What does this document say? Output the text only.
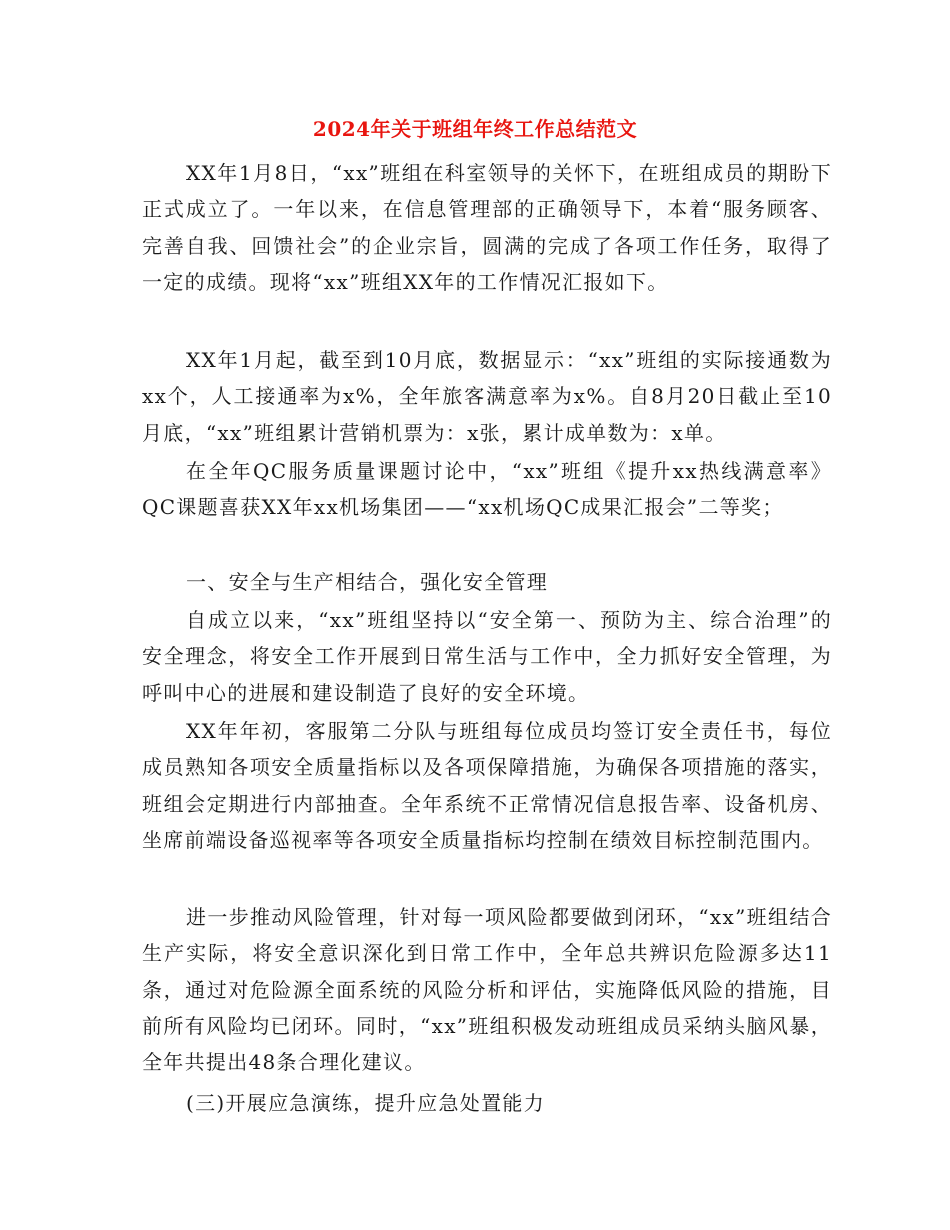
2024年关于班组年终工作总结范文

XX年1月8日，“xx”班组在科室领导的关怀下，在班组成员的期盼下正式成立了。一年以来，在信息管理部的正确领导下，本着“服务顾客、完善自我、回馈社会”的企业宗旨，圆满的完成了各项工作任务，取得了一定的成绩。现将“xx”班组XX年的工作情况汇报如下。

XX年1月起，截至到10月底，数据显示：“xx”班组的实际接通数为xx个，人工接通率为x%，全年旅客满意率为x%。自8月20日截止至10月底，“xx”班组累计营销机票为：x张，累计成单数为：x单。

在全年QC服务质量课题讨论中，“xx”班组《提升xx热线满意率》QC课题喜获XX年xx机场集团——“xx机场QC成果汇报会”二等奖；

一、安全与生产相结合，强化安全管理

自成立以来，“xx”班组坚持以“安全第一、预防为主、综合治理”的安全理念，将安全工作开展到日常生活与工作中，全力抓好安全管理，为呼叫中心的进展和建设制造了良好的安全环境。

XX年年初，客服第二分队与班组每位成员均签订安全责任书，每位成员熟知各项安全质量指标以及各项保障措施，为确保各项措施的落实，班组会定期进行内部抽查。全年系统不正常情况信息报告率、设备机房、坐席前端设备巡视率等各项安全质量指标均控制在绩效目标控制范围内。

进一步推动风险管理，针对每一项风险都要做到闭环，“xx”班组结合生产实际，将安全意识深化到日常工作中，全年总共辨识危险源多达11条，通过对危险源全面系统的风险分析和评估，实施降低风险的措施，目前所有风险均已闭环。同时，“xx”班组积极发动班组成员采纳头脑风暴，全年共提出48条合理化建议。

(三)开展应急演练，提升应急处置能力
